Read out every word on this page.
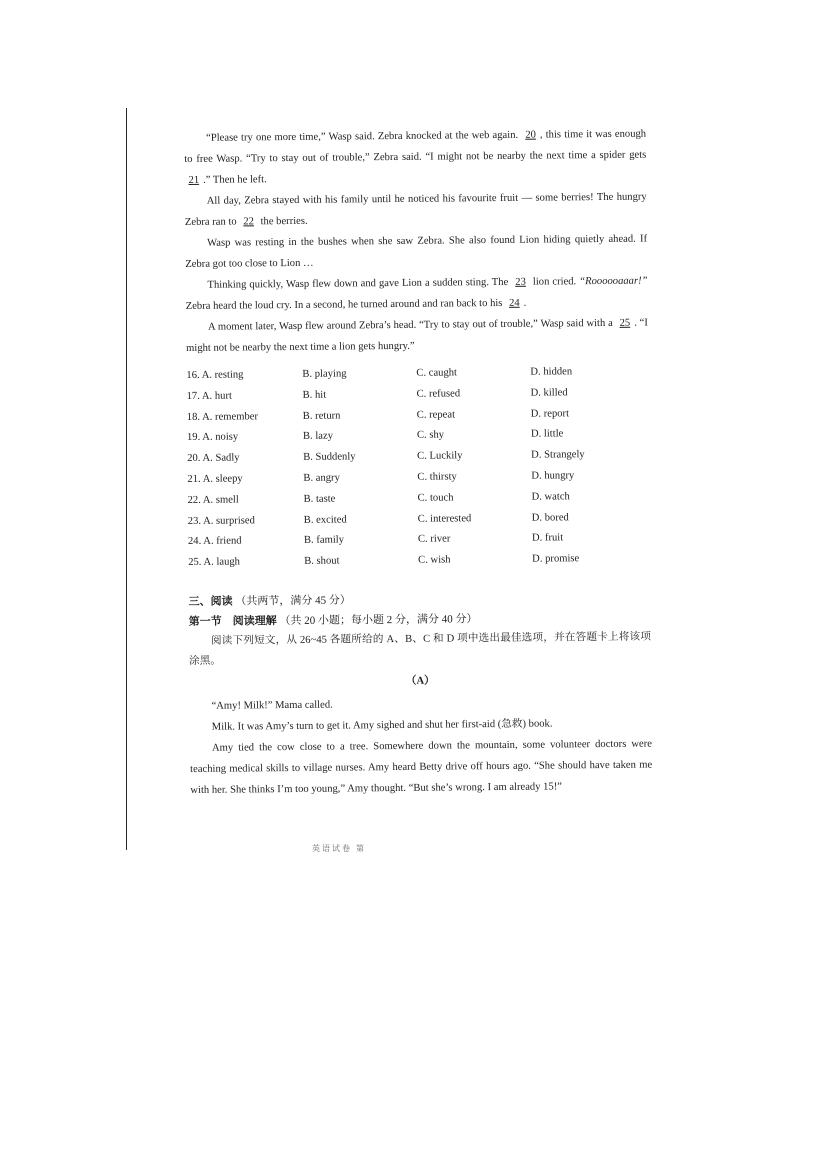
“Please try one more time,” Wasp said. Zebra knocked at the web again. 20 , this time it was enough to free Wasp. “Try to stay out of trouble,” Zebra said. “I might not be nearby the next time a spider gets 21 .” Then he left.

All day, Zebra stayed with his family until he noticed his favourite fruit — some berries! The hungry Zebra ran to 22 the berries.

Wasp was resting in the bushes when she saw Zebra. She also found Lion hiding quietly ahead. If Zebra got too close to Lion …

Thinking quickly, Wasp flew down and gave Lion a sudden sting. The 23 lion cried. “Roooooaaar!” Zebra heard the loud cry. In a second, he turned around and ran back to his 24 .

A moment later, Wasp flew around Zebra’s head. “Try to stay out of trouble,” Wasp said with a 25 . “I might not be nearby the next time a lion gets hungry.”

16. A. resting	B. playing	C. caught	D. hidden
17. A. hurt	B. hit	C. refused	D. killed
18. A. remember	B. return	C. repeat	D. report
19. A. noisy	B. lazy	C. shy	D. little
20. A. Sadly	B. Suddenly	C. Luckily	D. Strangely
21. A. sleepy	B. angry	C. thirsty	D. hungry
22. A. smell	B. taste	C. touch	D. watch
23. A. surprised	B. excited	C. interested	D. bored
24. A. friend	B. family	C. river	D. fruit
25. A. laugh	B. shout	C. wish	D. promise
三、阅读 （共两节，满分 45 分）
第一节　阅读理解 （共 20 小题；每小题 2 分，满分 40 分）

阅读下列短文，从 26~45 各题所给的 A、B、C 和 D 项中选出最佳选项，并在答题卡上将该项涂黑。

（A）

“Amy! Milk!” Mama called.

Milk. It was Amy’s turn to get it. Amy sighed and shut her first-aid (急救) book.

Amy tied the cow close to a tree. Somewhere down the mountain, some volunteer doctors were teaching medical skills to village nurses. Amy heard Betty drive off hours ago. “She should have taken me with her. She thinks I’m too young,” Amy thought. “But she’s wrong. I am already 15!”

英语试卷 第
